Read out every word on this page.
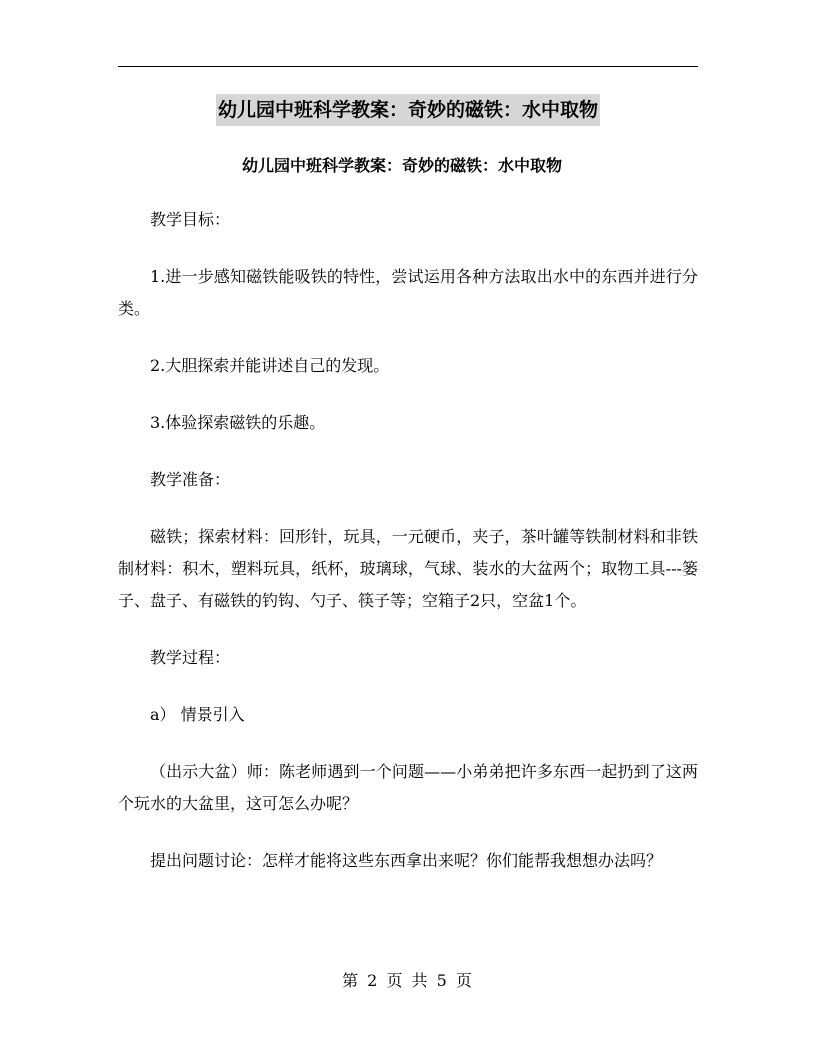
幼儿园中班科学教案：奇妙的磁铁：水中取物

幼儿园中班科学教案：奇妙的磁铁：水中取物

教学目标：

1.进一步感知磁铁能吸铁的特性，尝试运用各种方法取出水中的东西并进行分类。

2.大胆探索并能讲述自己的发现。

3.体验探索磁铁的乐趣。

教学准备：

磁铁；探索材料：回形针，玩具，一元硬币，夹子，茶叶罐等铁制材料和非铁制材料：积木，塑料玩具，纸杯，玻璃球，气球、装水的大盆两个；取物工具---篓子、盘子、有磁铁的钓钩、勺子、筷子等；空箱子2只，空盆1个。

教学过程：

a） 情景引入

（出示大盆）师：陈老师遇到一个问题——小弟弟把许多东西一起扔到了这两个玩水的大盆里，这可怎么办呢？

提出问题讨论：怎样才能将这些东西拿出来呢？你们能帮我想想办法吗？

第 2 页 共 5 页
